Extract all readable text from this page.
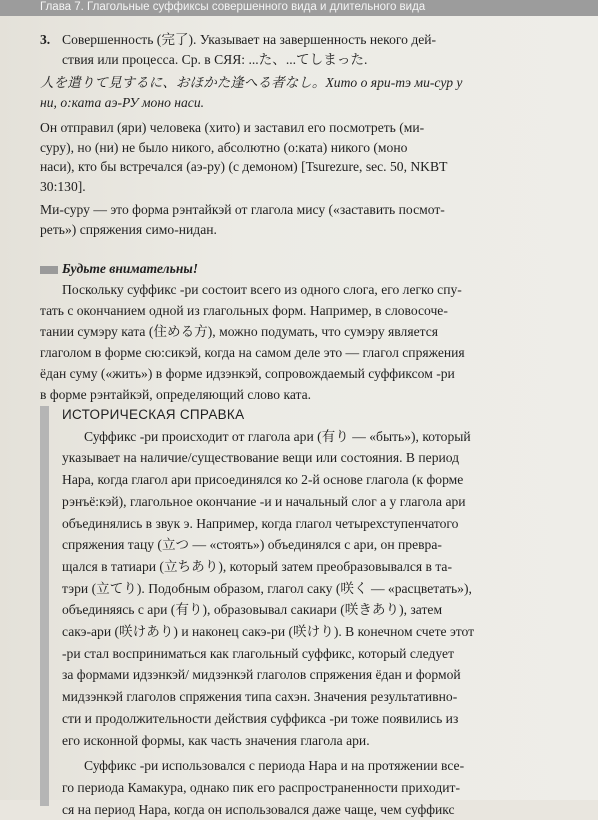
Глава 7. Глагольные суффиксы совершенного вида и длительного вида
3. Совершенность (完了). Указывает на завершенность некого дей-
ствия или процесса. Ср. в СЯЯ: ...た、...てしまった.
人を遣りて見するに、おほかた逢へる者なし。Хито о яри-тэ ми-сур у
ни, о:ката аэ-РУ моно наси.
Он отправил (яри) человека (хито) и заставил его посмотреть (ми-
суру), но (ни) не было никого, абсолютно (о:ката) никого (моно
наси), кто бы встречался (аэ-ру) (с демоном) [Tsurezure, sec. 50, NKBT
30:130].
Ми-суру — это форма рэнтайкэй от глагола мису («заставить посмот-
реть») спряжения симо-нидан.
Будьте внимательны!
Поскольку суффикс -ри состоит всего из одного слога, его легко спу-
тать с окончанием одной из глагольных форм. Например, в словосоче-
тании сумэру ката (住める方), можно подумать, что сумэру является
глаголом в форме сю:сикэй, когда на самом деле это — глагол спряжения
ёдан суму («жить») в форме идзэнкэй, сопровождаемый суффиксом -ри
в форме рэнтайкэй, определяющий слово ката.
ИСТОРИЧЕСКАЯ СПРАВКА
Суффикс -ри происходит от глагола ари (有り — «быть»), который
указывает на наличие/существование вещи или состояния. В период
Нара, когда глагол ари присоединялся ко 2-й основе глагола (к форме
рэнъё:кэй), глагольное окончание -и и начальный слог а у глагола ари
объединялись в звук э. Например, когда глагол четырехступенчатого
спряжения тацу (立つ — «стоять») объединялся с ари, он превра-
щался в татиари (立ちあり), который затем преобразовывался в та-
тэри (立てり). Подобным образом, глагол саку (咲く — «расцветать»),
объединяясь с ари (有り), образовывал сакиари (咲きあり), затем
сакэ-ари (咲けあり) и наконец сакэ-ри (咲けり). В конечном счете этот
-ри стал восприниматься как глагольный суффикс, который следует
за формами идзэнкэй/ мидзэнкэй глаголов спряжения ёдан и формой
мидзэнкэй глаголов спряжения типа сахэн. Значения результативно-
сти и продолжительности действия суффикса -ри тоже появились из
его исконной формы, как часть значения глагола ари.
Суффикс -ри использовался с периода Нара и на протяжении все-
го периода Камакура, однако пик его распространенности приходит-
ся на период Нара, когда он использовался даже чаще, чем суффикс
